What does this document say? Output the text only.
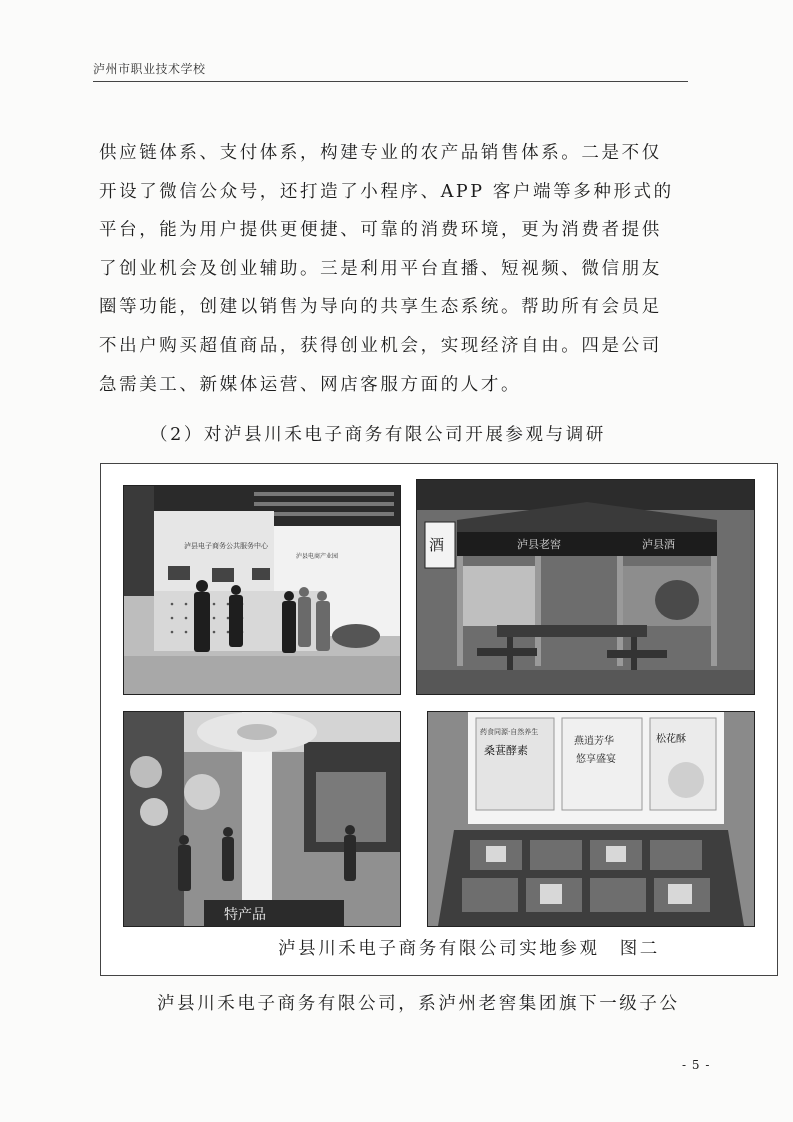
泸州市职业技术学校

供应链体系、支付体系，构建专业的农产品销售体系。二是不仅

开设了微信公众号，还打造了小程序、APP 客户端等多种形式的

平台，能为用户提供更便捷、可靠的消费环境，更为消费者提供

了创业机会及创业辅助。三是利用平台直播、短视频、微信朋友

圈等功能，创建以销售为导向的共享生态系统。帮助所有会员足

不出户购买超值商品，获得创业机会，实现经济自由。四是公司

急需美工、新媒体运营、网店客服方面的人才。

（2）对泸县川禾电子商务有限公司开展参观与调研
泸县电子商务公共服务中心
泸县电商产业园
酒	泸县老窖	泸县酒
特产品
药食同源·自然养生
桑葚酵素
燕逍芳华
悠享盛宴
松花酥
泸县川禾电子商务有限公司实地参观　图二
泸县川禾电子商务有限公司，系泸州老窖集团旗下一级子公
- 5 -
